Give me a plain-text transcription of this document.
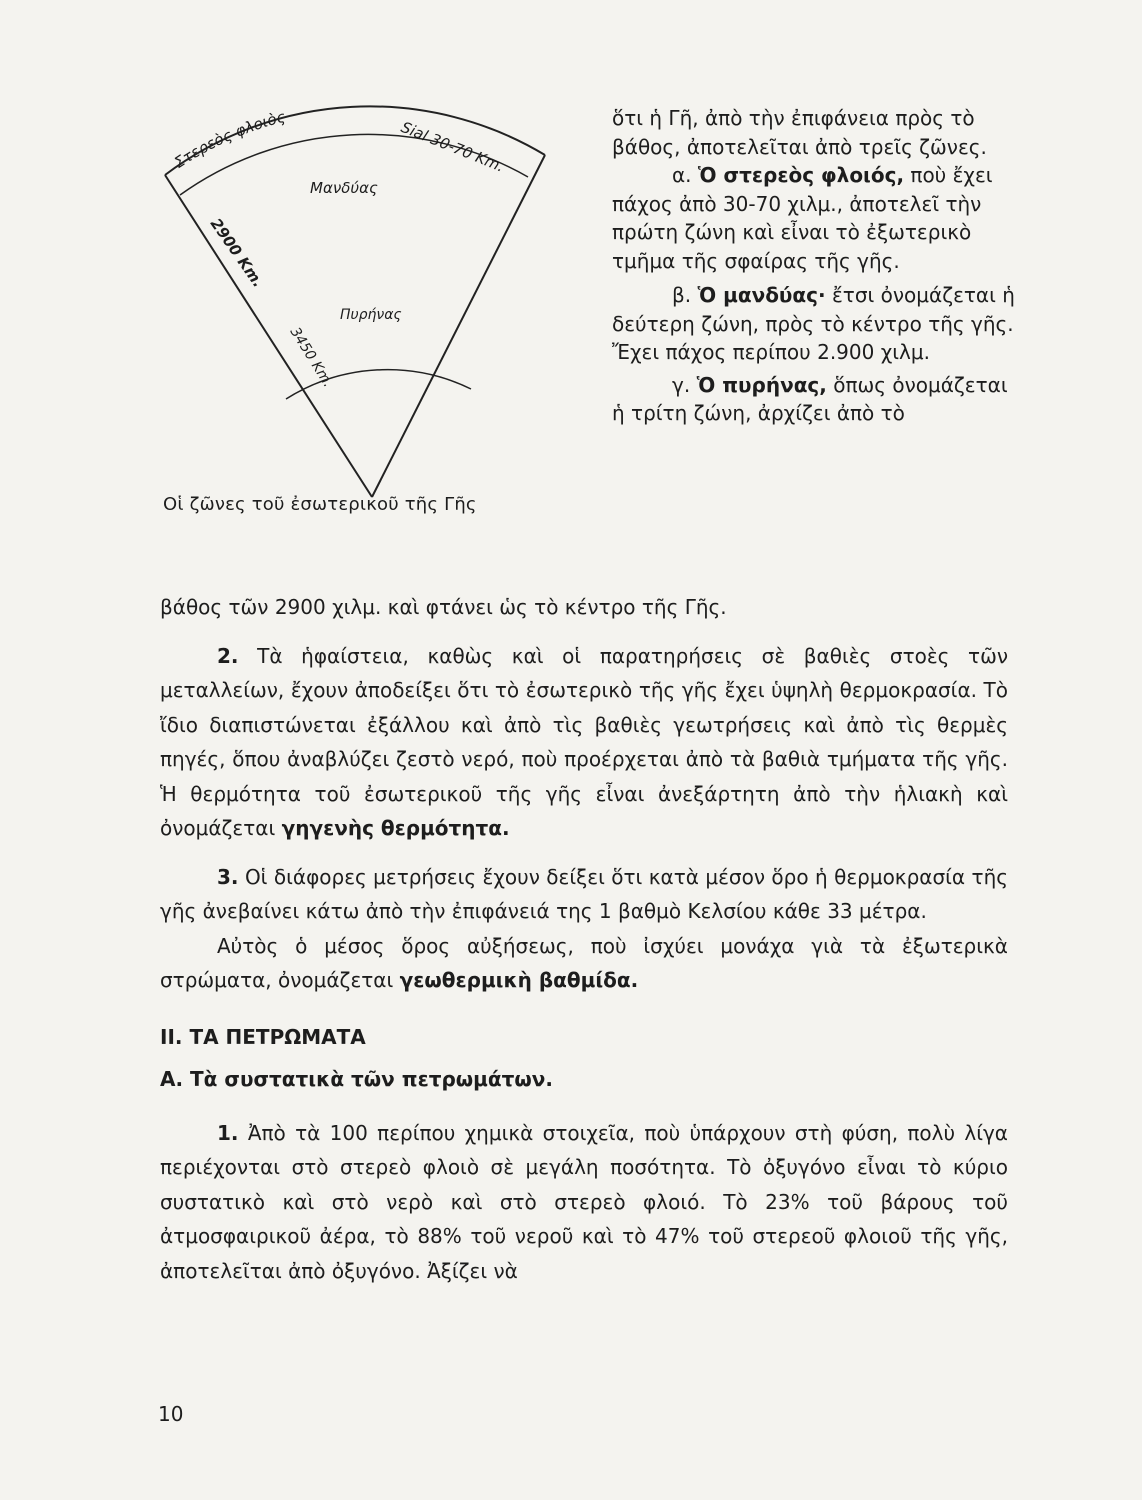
Στερεὸς φλοιὸς
Sial 30-70 Km.
Μανδύας
2900 Km.
Πυρήνας
3450 Km.
Οἱ ζῶνες τοῦ ἐσωτερικοῦ τῆς Γῆς

ὅτι ἡ Γῆ, ἀπὸ τὴν ἐπιφάνεια πρὸς τὸ βάθος, ἀποτελεῖται ἀπὸ τρεῖς ζῶνες.

α. Ὁ στερεὸς φλοιός, ποὺ ἔχει πάχος ἀπὸ 30-70 χιλμ., ἀποτελεῖ τὴν πρώτη ζώνη καὶ εἶναι τὸ ἐξωτερικὸ τμῆμα τῆς σφαίρας τῆς γῆς.

β. Ὁ μανδύας· ἔτσι ὀνομάζεται ἡ δεύτερη ζώνη, πρὸς τὸ κέντρο τῆς γῆς. Ἔχει πάχος περίπου 2.900 χιλμ.

γ. Ὁ πυρήνας, ὅπως ὀνομάζεται ἡ τρίτη ζώνη, ἀρχίζει ἀπὸ τὸ

βάθος τῶν 2900 χιλμ. καὶ φτάνει ὡς τὸ κέντρο τῆς Γῆς.

2. Τὰ ἡφαίστεια, καθὼς καὶ οἱ παρατηρήσεις σὲ βαθιὲς στοὲς τῶν μεταλλείων, ἔχουν ἀποδείξει ὅτι τὸ ἐσωτερικὸ τῆς γῆς ἔχει ὑψηλὴ θερμοκρασία. Τὸ ἴδιο διαπιστώνεται ἐξάλλου καὶ ἀπὸ τὶς βαθιὲς γεωτρήσεις καὶ ἀπὸ τὶς θερμὲς πηγές, ὅπου ἀναβλύζει ζεστὸ νερό, ποὺ προέρχεται ἀπὸ τὰ βαθιὰ τμήματα τῆς γῆς. Ἡ θερμότητα τοῦ ἐσωτερικοῦ τῆς γῆς εἶναι ἀνεξάρτητη ἀπὸ τὴν ἡλιακὴ καὶ ὀνομάζεται γηγενὴς θερμότητα.

3. Οἱ διάφορες μετρήσεις ἔχουν δείξει ὅτι κατὰ μέσον ὅρο ἡ θερμοκρασία τῆς γῆς ἀνεβαίνει κάτω ἀπὸ τὴν ἐπιφάνειά της 1 βαθμὸ Κελσίου κάθε 33 μέτρα.

Αὐτὸς ὁ μέσος ὅρος αὐξήσεως, ποὺ ἰσχύει μονάχα γιὰ τὰ ἐξωτερικὰ στρώματα, ὀνομάζεται γεωθερμικὴ βαθμίδα.

ΙΙ. ΤΑ ΠΕΤΡΩΜΑΤΑ
Α. Τὰ συστατικὰ τῶν πετρωμάτων.

1. Ἀπὸ τὰ 100 περίπου χημικὰ στοιχεῖα, ποὺ ὑπάρχουν στὴ φύση, πολὺ λίγα περιέχονται στὸ στερεὸ φλοιὸ σὲ μεγάλη ποσότητα. Τὸ ὀξυγόνο εἶναι τὸ κύριο συστατικὸ καὶ στὸ νερὸ καὶ στὸ στερεὸ φλοιό. Τὸ 23% τοῦ βάρους τοῦ ἀτμοσφαιρικοῦ ἀέρα, τὸ 88% τοῦ νεροῦ καὶ τὸ 47% τοῦ στερεοῦ φλοιοῦ τῆς γῆς, ἀποτελεῖται ἀπὸ ὀξυγόνο. Ἀξίζει νὰ

10
